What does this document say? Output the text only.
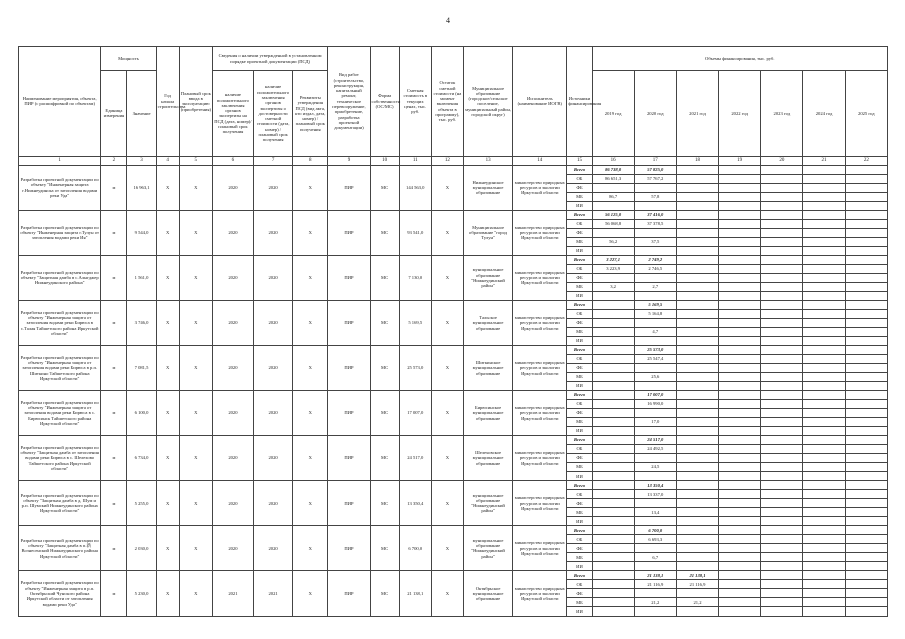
4
Наименование мероприятия, объекта, ПИР (с расшифровкой по объектам)	Мощность		Год начала строительства	Плановый срок ввода в эксплуатацию (приобретения)	Сведения о наличии утвержденной в установленном порядке проектной документации (ПСД)			Вид работ (строительство, реконструкция, капитальный ремонт, техническое перевооружение, приобретение, разработка проектной документации)	Форма собственности (ОС/МС)	Сметная стоимость в текущих ценах, тыс. руб.	Остаток сметной стоимости (на момент включения объекта в программу), тыс. руб.	Муниципальное образование (городское/сельское поселение, муниципальный район, городской округ)	Исполнитель (наименование ИОГВ)	Источники финансирования	Объемы финансирования, тыс. руб.						
	Единица измерения	Значение			наличие положительного заключения органов экспертизы на ПСД (дата, номер)/плановый срок получения	наличие положительного заключения органов экспертизы о достоверности сметной стоимости (дата, номер) / плановый срок получения	Реквизиты утверждения ПСД (вид акта, кто издал, дата, номер) / плановый срок получения								2019 год	2020 год	2021 год	2022 год	2023 год	2024 год	2025 год
1	2	3	4	5	6	7	8	9	10	11	12	13	14	15	16	17	18	19	20	21	22
Разработка проектной документации по объекту "Инженерная защита г.Нижнеудинска от затопления водами реки Уда"	м	16 963,1	Х	Х	2020	2020	Х	ПИР	МС	144 563,0	Х	Нижнеудинское муниципальное образование	министерство природных ресурсов и экологии Иркутской области	Всего	86 738,0	57 825,0					
														ОБ	86 651,3	57 767,2					
														ФБ							
														МБ	86,7	57,8					
														ИИ							
Разработка проектной документации по объекту "Инженерная защита г.Тулун от затопления водами реки Ия"	м	9 544,0	Х	Х	2020	2020	Х	ПИР	МС	93 541,0	Х	Муниципальное образование "город Тулун"	министерство природных ресурсов и экологии Иркутской области	Всего	56 125,0	37 416,0					
														ОБ	56 068,8	37 378,5					
														ФБ							
														МБ	56,2	37,5					
														ИИ							
Разработка проектной документации по объекту "Защитная дамба в с.Алыгджер Нижнеудинского района"	м	1 561,0	Х	Х	2020	2020	Х	ПИР	МС	7 130,0	Х	муниципальное образование "Нижнеудинский район"	министерство природных ресурсов и экологии Иркутской области	Всего	3 227,1	2 749,2					
														ОБ	3 223,9	2 746,5					
														ФБ							
														МБ	3,2	2,7					
														ИИ							
Разработка проектной документации по объекту "Инженерная защита от затопления водами реки Бирюса в с.Талая Тайшетского района Иркутской области"	м	3 746,0	Х	Х	2020	2020	Х	ПИР	МС	5 169,5	Х	Тальское муниципальное образование	министерство природных ресурсов и экологии Иркутской области	Всего		5 169,5					
														ОБ		5 164,8					
														ФБ							
														МБ		4,7					
														ИИ							
Разработка проектной документации по объекту "Инженерная защита от затопления водами реки Бирюса в р.п. Шиткино Тайшетского района Иркутской области"	м	7 081,5	Х	Х	2020	2020	Х	ПИР	МС	25 573,0	Х	Шиткинское муниципальное образование	министерство природных ресурсов и экологии Иркутской области	Всего		25 573,0					
														ОБ		25 547,4					
														ФБ							
														МБ		25,6					
														ИИ							
Разработка проектной документации по объекту "Инженерная защита от затопления водами реки Бирюса в с. Бирюсинск Тайшетского района Иркутской области"	м	6 100,0	Х	Х	2020	2020	Х	ПИР	МС	17 007,0	Х	Бирюсинское муниципальное образование	министерство природных ресурсов и экологии Иркутской области	Всего		17 007,0					
														ОБ		16 990,0					
														ФБ							
														МБ		17,0					
														ИИ							
Разработка проектной документации по объекту "Защитная дамба от затопления водами реки Бирюса в с. Шелехово Тайшетского района Иркутской области"	м	6 734,0	Х	Х	2020	2020	Х	ПИР	МС	24 517,0	Х	Шелеховское муниципальное образование	министерство природных ресурсов и экологии Иркутской области	Всего		24 517,0					
														ОБ		24 492,5					
														ФБ							
														МБ		24,5					
														ИИ							
Разработка проектной документации по объекту "Защитная дамба в д. Шум и р.п. Шумский Нижнеудинского района Иркутской области"	м	5 255,0	Х	Х	2020	2020	Х	ПИР	МС	13 350,4	Х	муниципальное образование "Нижнеудинский район"	министерство природных ресурсов и экологии Иркутской области	Всего		13 350,4					
														ОБ		13 337,0					
														ФБ							
														МБ		13,4					
														ИИ							
Разработка проектной документации по объекту "Защитная дамба в п.新 Вознесенский Нижнеудинского района Иркутской области"	м	2 030,0	Х	Х	2020	2020	Х	ПИР	МС	6 700,0	Х	муниципальное образование "Нижнеудинский район"	министерство природных ресурсов и экологии Иркутской области	Всего		6 700,0					
														ОБ		6 693,3					
														ФБ							
														МБ		6,7					
														ИИ							
Разработка проектной документации по объекту "Инженерная защита в р.п. Октябрьский Чунского района Иркутской области от затопления водами реки Уда"	м	5 230,0	Х	Х	2021	2021	Х	ПИР	МС	21 138,1	Х	Октябрьское муниципальное образование	министерство природных ресурсов и экологии Иркутской области	Всего		21 138,1	21 138,1				
														ОБ		21 116,9	21 116,9				
														ФБ							
														МБ		21,2	21,2				
														ИИ							
